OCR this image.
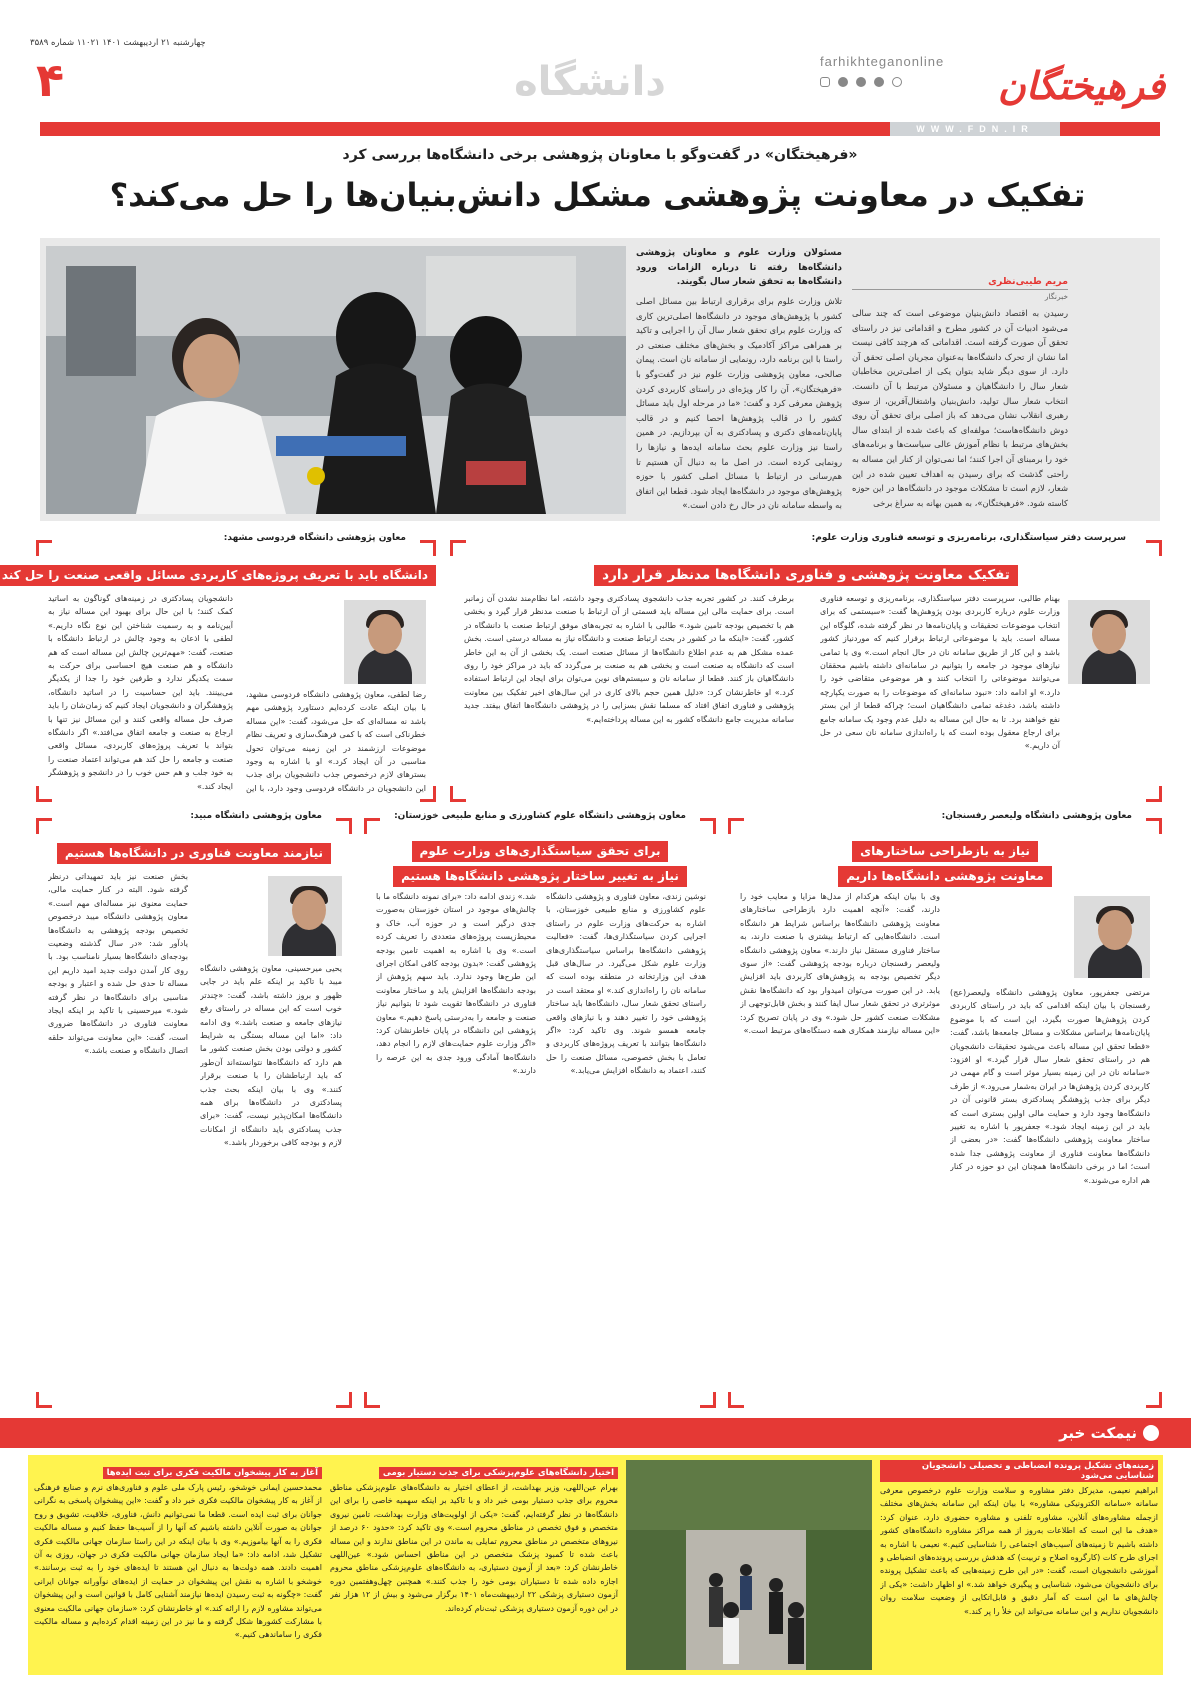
چهارشنبه ۲۱ اردیبهشت ۱۴۰۱ ۱۱۰۲۱ شماره ۳۵۸۹
۴	دانشگاه	farhikhteganonline

فرهیختگان
WWW.FDN.IR
«فرهیختگان» در گفت‌وگو با معاونان پژوهشی برخی دانشگاه‌ها بررسی کرد
تفکیک در معاونت پژوهشی مشکل دانش‌بنیان‌ها را حل می‌کند؟
مسئولان وزارت علوم و معاونان پژوهشی دانشگاه‌ها رفته تا درباره الزامات ورود دانشگاه‌ها به تحقق شعار سال بگویند.	مریم طیبی‌نظری
خبرنگار
رسیدن به اقتصاد دانش‌بنیان موضوعی است که چند سالی می‌شود ادبیات آن در کشور مطرح و اقداماتی نیز در راستای تحقق آن صورت گرفته است. اقداماتی که هرچند کافی نیست اما نشان از تحرک دانشگاه‌ها به‌عنوان مجریان اصلی تحقق آن دارد. از سوی دیگر شاید بتوان یکی از اصلی‌ترین مخاطبان شعار سال را دانشگاهیان و مسئولان مرتبط با آن دانست. انتخاب شعار سال تولید، دانش‌بنیان واشتغال‌آفرین، از سوی رهبری انقلاب نشان می‌دهد که باز اصلی برای تحقق آن روی دوش دانشگاه‌هاست؛ مولفه‌ای که باعث شده از ابتدای سال بخش‌های مرتبط با نظام آموزش عالی سیاست‌ها و برنامه‌های خود را برمبنای آن اجرا کنند؛ اما نمی‌توان از کنار این مساله به راحتی گذشت که برای رسیدن به اهداف تعیین شده در این شعار، لازم است تا مشکلات موجود در دانشگاه‌ها در این حوزه کاسته شود. «فرهیختگان»، به همین بهانه به سراغ برخی
تلاش وزارت علوم برای برقراری ارتباط بین مسائل اصلی کشور با پژوهش‌های موجود در دانشگاه‌ها اصلی‌ترین کاری که وزارت علوم برای تحقق شعار سال آن را اجرایی و تاکید بر همراهی مراکز آکادمیک و بخش‌های مختلف صنعتی در راستا با این برنامه دارد، رونمایی از سامانه نان است. پیمان صالحی، معاون پژوهشی وزارت علوم نیز در گفت‌وگو با «فرهیختگان»، آن را کار ویژه‌ای در راستای کاربردی کردن پژوهش معرفی کرد و گفت: «ما در مرحله اول باید مسائل کشور را در قالب پژوهش‌ها احصا کنیم و در قالب پایان‌نامه‌های دکتری و پسادکتری به آن بپردازیم. در همین راستا نیز وزارت علوم بحث سامانه ایده‌ها و نیازها را رونمایی کرده است. در اصل ما به دنبال آن هستیم تا هم‌رسانی در ارتباط با مسائل اصلی کشور با حوزه پژوهش‌های موجود در دانشگاه‌ها ایجاد شود. قطعا این اتفاق به واسطه سامانه نان در حال رخ دادن است.»
معاون پژوهشی دانشگاه فردوسی مشهد:
دانشگاه باید با تعریف پروژه‌های کاربردی مسائل واقعی صنعت را حل کند
رضا لطفی، معاون پژوهشی دانشگاه فردوسی مشهد، با بیان اینکه عادت کرده‌ایم دستاورد پژوهشی مهم باشد نه مساله‌ای که حل می‌شود، گفت: «این مساله خطرناکی است که با کمی فرهنگ‌سازی و تعریف نظام موضوعات ارزشمند در این زمینه می‌توان تحول مناسبی در آن ایجاد کرد.» او با اشاره به وجود بسترهای لازم درخصوص جذب دانشجویان برای جذب این دانشجویان در دانشگاه فردوسی وجود دارد، با این
دانشجویان پسادکتری در زمینه‌های گوناگون به اساتید کمک کنند؛ با این حال برای بهبود این مساله نیاز به آیین‌نامه و به رسمیت شناختن این نوع نگاه داریم.» لطفی با اذعان به وجود چالش در ارتباط دانشگاه با صنعت، گفت: «مهم‌ترین چالش این مساله است که هم دانشگاه و هم صنعت هیچ احساسی برای حرکت به سمت یکدیگر ندارد و طرفین خود را جدا از یکدیگر می‌بینند. باید این حساسیت را در اساتید دانشگاه، پژوهشگران و دانشجویان ایجاد کنیم که زمان‌شان را باید صرف حل مساله واقعی کنند و این مسائل نیز تنها با ارجاع به صنعت و جامعه اتفاق می‌افتد.» اگر دانشگاه بتواند با تعریف پروژه‌های کاربردی، مسائل واقعی صنعت و جامعه را حل کند هم می‌تواند اعتماد صنعت را به خود جلب و هم حس خوب را در دانشجو و پژوهشگر ایجاد کند.»
سرپرست دفتر سیاستگذاری، برنامه‌ریزی و توسعه فناوری وزارت علوم:
تفکیک معاونت پژوهشی و فناوری دانشگاه‌ها مدنظر قرار دارد
بهنام طالبی، سرپرست دفتر سیاستگذاری، برنامه‌ریزی و توسعه فناوری وزارت علوم درباره کاربردی بودن پژوهش‌ها گفت: «سیستمی که برای انتخاب موضوعات تحقیقات و پایان‌نامه‌ها در نظر گرفته شده، گلوگاه این مساله است. باید با موضوعاتی ارتباط برقرار کنیم که موردنیاز کشور باشد و این کار از طریق سامانه نان در حال انجام است.» وی با تمامی نیازهای موجود در جامعه را بتوانیم در سامانه‌ای داشته باشیم محققان می‌توانند موضوعاتی را انتخاب کنند و هر موضوعی متقاضی خود را دارد.» او ادامه داد: «نبود سامانه‌ای که موضوعات را به صورت یکپارچه داشته باشد، دغدغه تمامی دانشگاهیان است؛ چراکه قطعا از این بستر نفع خواهند برد. تا به حال این مساله به دلیل عدم وجود یک سامانه جامع برای ارجاع معقول بوده است که با راه‌اندازی سامانه نان سعی در حل آن داریم.»
برطرف کنند. در کشور تجربه جذب دانشجوی پسادکتری وجود داشته، اما نظام‌مند نشدن آن زمانبر است. برای حمایت مالی این مساله باید قسمتی از آن ارتباط با صنعت مدنظر قرار گیرد و بخشی هم با تخصیص بودجه تامین شود.» طالبی با اشاره به تجربه‌های موفق ارتباط صنعت با دانشگاه در کشور، گفت: «اینکه ما در کشور در بحث ارتباط صنعت و دانشگاه نیاز به مساله درستی است. بخش عمده مشکل هم به عدم اطلاع دانشگاه‌ها از مسائل صنعت است. یک بخشی از آن به این خاطر است که دانشگاه به صنعت است و بخشی هم به صنعت بر می‌گردد که باید در مراکز خود را روی دانشگاهیان باز کنند. قطعا از سامانه نان و سیستم‌های نوین می‌توان برای ایجاد این ارتباط استفاده کرد.» او خاطرنشان کرد: «دلیل همین حجم بالای کاری در این سال‌های اخیر تفکیک بین معاونت پژوهشی و فناوری اتفاق افتاد که مسلما نقش بسزایی را در پژوهشی دانشگاه‌ها اتفاق بیفتد. جدید سامانه مدیریت جامع دانشگاه کشور به این مساله پرداخته‌ایم.»
معاون پژوهشی دانشگاه مبید:
نیازمند معاونت فناوری در دانشگاه‌ها هستیم
یحیی میرحسینی، معاون پژوهشی دانشگاه میبد با تاکید بر اینکه علم باید در جایی ظهور و بروز داشته باشد، گفت: «چندتر خوب است که این مساله در راستای رفع نیازهای جامعه و صنعت باشد.» وی ادامه داد: «اما این مساله بستگی به شرایط کشور و دولتی بودن بخش صنعت کشور ما هم دارد که دانشگاه‌ها نتوانسته‌اند آن‌طور که باید ارتباطشان را با صنعت برقرار کنند.» وی با بیان اینکه بحث جذب پسادکتری در دانشگاه‌ها برای همه دانشگاه‌ها امکان‌پذیر نیست، گفت: «برای جذب پسادکتری باید دانشگاه از امکانات لازم و بودجه کافی برخوردار باشد.»
بخش صنعت نیز باید تمهیداتی درنظر گرفته شود. البته در کنار حمایت مالی، حمایت معنوی نیز مساله‌ای مهم است.» معاون پژوهشی دانشگاه میبد درخصوص تخصیص بودجه پژوهشی به دانشگاه‌ها یادآور شد: «در سال گذشته وضعیت بودجه‌ای دانشگاه‌ها بسیار نامناسب بود. با روی کار آمدن دولت جدید امید داریم این مساله تا حدی حل شده و اعتبار و بودجه مناسبی برای دانشگاه‌ها در نظر گرفته شود.» میرحسینی با تاکید بر اینکه ایجاد معاونت فناوری در دانشگاه‌ها ضروری است، گفت: «این معاونت می‌تواند حلقه اتصال دانشگاه و صنعت باشد.»
معاون پژوهشی دانشگاه علوم کشاورزی و منابع طبیعی خوزستان:
برای تحقق سیاستگذاری‌های وزارت علوم
نیاز به تغییر ساختار پژوهشی دانشگاه‌ها هستیم
نوشین زندی، معاون فناوری و پژوهشی دانشگاه علوم کشاورزی و منابع طبیعی خوزستان، با اشاره به حرکت‌های وزارت علوم در راستای اجرایی کردن سیاستگذاری‌ها، گفت: «فعالیت پژوهشی دانشگاه‌ها براساس سیاستگذاری‌های وزارت علوم شکل می‌گیرد. در سال‌های قبل هدف این وزارتخانه در منطقه بوده است که سامانه نان را راه‌اندازی کند.» او معتقد است در راستای تحقق شعار سال، دانشگاه‌ها باید ساختار پژوهشی خود را تغییر دهند و با نیازهای واقعی جامعه همسو شوند. وی تاکید کرد: «اگر دانشگاه‌ها بتوانند با تعریف پروژه‌های کاربردی و تعامل با بخش خصوصی، مسائل صنعت را حل کنند، اعتماد به دانشگاه افزایش می‌یابد.»
شد.» زندی ادامه داد: «برای نمونه دانشگاه ما با چالش‌های موجود در استان خوزستان به‌صورت جدی درگیر است و در حوزه آب، خاک و محیط‌زیست پروژه‌های متعددی را تعریف کرده است.» وی با اشاره به اهمیت تامین بودجه پژوهشی گفت: «بدون بودجه کافی امکان اجرای این طرح‌ها وجود ندارد. باید سهم پژوهش از بودجه دانشگاه‌ها افزایش یابد و ساختار معاونت فناوری در دانشگاه‌ها تقویت شود تا بتوانیم نیاز صنعت و جامعه را به‌درستی پاسخ دهیم.» معاون پژوهشی این دانشگاه در پایان خاطرنشان کرد: «اگر وزارت علوم حمایت‌های لازم را انجام دهد، دانشگاه‌ها آمادگی ورود جدی به این عرصه را دارند.»
معاون پژوهشی دانشگاه ولیعصر رفسنجان:
نیاز به بازطراحی ساختارهای
معاونت پژوهشی دانشگاه‌ها داریم
مرتضی جعفرپور، معاون پژوهشی دانشگاه ولیعصر(عج) رفسنجان با بیان اینکه اقدامی که باید در راستای کاربردی کردن پژوهش‌ها صورت بگیرد، این است که با موضوع پایان‌نامه‌ها براساس مشکلات و مسائل جامعه‌ها باشد، گفت: «قطعا تحقق این مساله باعث می‌شود تحقیقات دانشجویان هم در راستای تحقق شعار سال قرار گیرد.» او افزود: «سامانه نان در این زمینه بسیار موثر است و گام مهمی در کاربردی کردن پژوهش‌ها در ایران به‌شمار می‌رود.» از طرف دیگر برای جذب پژوهشگر پسادکتری بستر قانونی آن در دانشگاه‌ها وجود دارد و حمایت مالی اولین بستری است که باید در این زمینه ایجاد شود.» جعفرپور با اشاره به تغییر ساختار معاونت پژوهشی دانشگاه‌ها گفت: «در بعضی از دانشگاه‌ها معاونت فناوری از معاونت پژوهشی جدا شده است؛ اما در برخی دانشگاه‌ها همچنان این دو حوزه در کنار هم اداره می‌شوند.»
وی با بیان اینکه هرکدام از مدل‌ها مزایا و معایب خود را دارند، گفت: «آنچه اهمیت دارد بازطراحی ساختارهای معاونت پژوهشی دانشگاه‌ها براساس شرایط هر دانشگاه است. دانشگاه‌هایی که ارتباط بیشتری با صنعت دارند، به ساختار فناوری مستقل نیاز دارند.» معاون پژوهشی دانشگاه ولیعصر رفسنجان درباره بودجه پژوهشی گفت: «از سوی دیگر تخصیص بودجه به پژوهش‌های کاربردی باید افزایش یابد. در این صورت می‌توان امیدوار بود که دانشگاه‌ها نقش موثرتری در تحقق شعار سال ایفا کنند و بخش قابل‌توجهی از مشکلات صنعت کشور حل شود.» وی در پایان تصریح کرد: «این مساله نیازمند همکاری همه دستگاه‌های مرتبط است.»
نیمکت خبر
زمینه‌های تشکیل پرونده انضباطی و تحصیلی دانشجویان شناسایی می‌شود
ابراهیم نعیمی، مدیرکل دفتر مشاوره و سلامت وزارت علوم درخصوص معرفی سامانه «سامانه الکترونیکی مشاوره» با بیان اینکه این سامانه بخش‌های مختلف ازجمله مشاوره‌های آنلاین، مشاوره تلفنی و مشاوره حضوری دارد، عنوان کرد: «هدف ما این است که اطلاعات به‌روز از همه مراکز مشاوره دانشگاه‌های کشور داشته باشیم تا زمینه‌های آسیب‌های اجتماعی را شناسایی کنیم.» نعیمی با اشاره به اجرای طرح کات (کارگروه اصلاح و تربیت) که هدفش بررسی پرونده‌های انضباطی و آموزشی دانشجویان است، گفت: «در این طرح زمینه‌هایی که باعث تشکیل پرونده برای دانشجویان می‌شود، شناسایی و پیگیری خواهد شد.» او اظهار داشت: «یکی از چالش‌های ما این است که آمار دقیق و قابل‌اتکایی از وضعیت سلامت روان دانشجویان نداریم و این سامانه می‌تواند این خلأ را پر کند.»
اختیار دانشگاه‌های علوم‌پزشکی برای جذب دستیار بومی
بهرام عین‌اللهی، وزیر بهداشت، از اعطای اختیار به دانشگاه‌های علوم‌پزشکی مناطق محروم برای جذب دستیار بومی خبر داد و با تاکید بر اینکه سهمیه خاصی را برای این دانشگاه‌ها در نظر گرفته‌ایم، گفت: «یکی از اولویت‌های وزارت بهداشت، تامین نیروی متخصص و فوق تخصص در مناطق محروم است.» وی تاکید کرد: «حدود ۶۰ درصد از نیروهای متخصص در مناطق محروم تمایلی به ماندن در این مناطق ندارند و این مساله باعث شده تا کمبود پزشک متخصص در این مناطق احساس شود.» عین‌اللهی خاطرنشان کرد: «بعد از آزمون دستیاری، به دانشگاه‌های علوم‌پزشکی مناطق محروم اجازه داده شده تا دستیاران بومی خود را جذب کنند.» همچنین چهل‌وهفتمین دوره آزمون دستیاری پزشکی ۲۲ اردیبهشت‌ماه ۱۴۰۱ برگزار می‌شود و بیش از ۱۲ هزار نفر در این دوره آزمون دستیاری پزشکی ثبت‌نام کرده‌اند.
آغاز به کار پیشخوان مالکیت فکری برای ثبت ایده‌ها
محمدحسین ایمانی خوشخو، رئیس پارک ملی علوم و فناوری‌های نرم و صنایع فرهنگی از آغاز به کار پیشخوان مالکیت فکری خبر داد و گفت: «این پیشخوان پاسخی به نگرانی جوانان برای ثبت ایده است. قطعا ما نمی‌توانیم دانش، فناوری، خلاقیت، تشویق و روح جوانان به صورت آنلاین داشته باشیم که آنها را از آسیب‌ها حفظ کنیم و مساله مالکیت فکری را به آنها بیاموزیم.» وی با بیان اینکه در این راستا سازمان جهانی مالکیت فکری تشکیل شد، ادامه داد: «ما ایجاد سازمان جهانی مالکیت فکری در جهان، روزی به آن اهمیت دادند. همه دولت‌ها به دنبال این هستند تا ایده‌های خود را به ثبت برسانند.» خوشخو با اشاره به نقش این پیشخوان در حمایت از ایده‌های نوآورانه جوانان ایرانی گفت: «چگونه به ثبت رسیدن ایده‌ها نیازمند آشنایی کامل با قوانین است و این پیشخوان می‌تواند مشاوره لازم را ارائه کند.» او خاطرنشان کرد: «سازمان جهانی مالکیت معنوی با مشارکت کشورها شکل گرفته و ما نیز در این زمینه اقدام کرده‌ایم و مساله مالکیت فکری را ساماندهی کنیم.»
